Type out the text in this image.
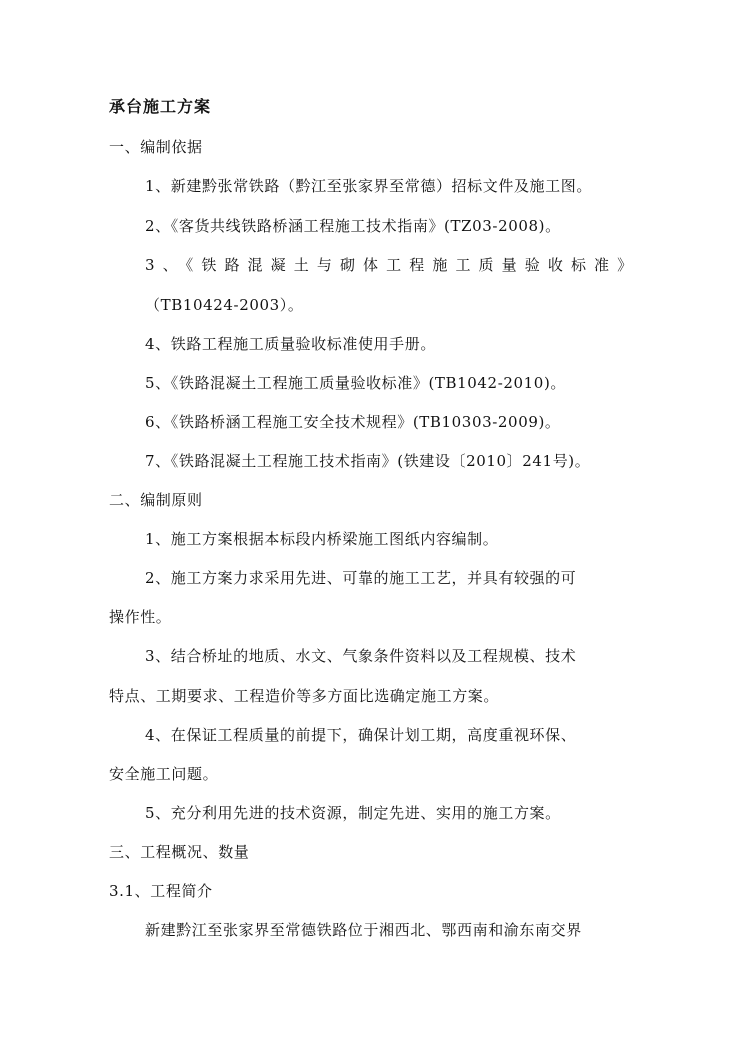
承台施工方案
一、编制依据
1、新建黔张常铁路（黔江至张家界至常德）招标文件及施工图。
2、《客货共线铁路桥涵工程施工技术指南》(TZ03-2008)。
3、《铁路混凝土与砌体工程施工质量验收标准》
（TB10424-2003）。
4、铁路工程施工质量验收标准使用手册。
5、《铁路混凝土工程施工质量验收标准》(TB1042-2010)。
6、《铁路桥涵工程施工安全技术规程》(TB10303-2009)。
7、《铁路混凝土工程施工技术指南》(铁建设〔2010〕241号)。
二、编制原则
1、施工方案根据本标段内桥梁施工图纸内容编制。
2、施工方案力求采用先进、可靠的施工工艺，并具有较强的可
操作性。
3、结合桥址的地质、水文、气象条件资料以及工程规模、技术
特点、工期要求、工程造价等多方面比选确定施工方案。
4、在保证工程质量的前提下，确保计划工期，高度重视环保、
安全施工问题。
5、充分利用先进的技术资源，制定先进、实用的施工方案。
三、工程概况、数量
3.1、工程简介
新建黔江至张家界至常德铁路位于湘西北、鄂西南和渝东南交界
